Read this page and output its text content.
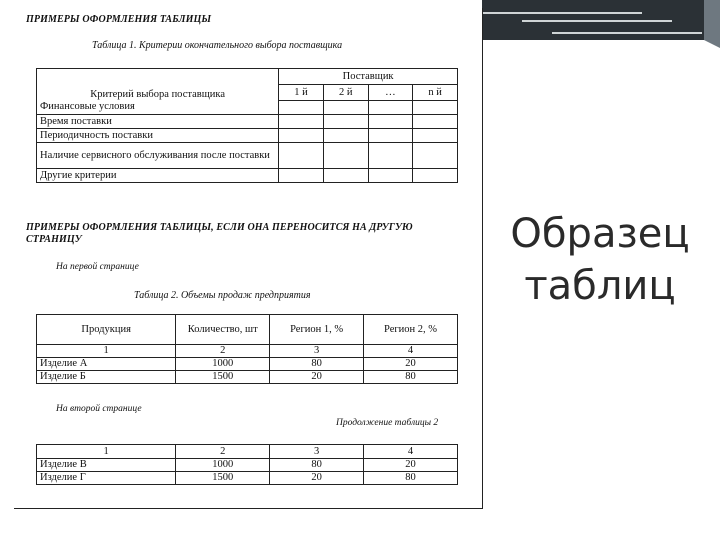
ПРИМЕРЫ ОФОРМЛЕНИЯ ТАБЛИЦЫ
Таблица 1. Критерии окончательного выбора поставщика
Критерий выбора поставщика	Поставщик			
	1 й	2 й	…	n й
Финансовые условия				
Время поставки				
Периодичность поставки				
Наличие сервисного обслуживания после поставки				
Другие критерии				
ПРИМЕРЫ ОФОРМЛЕНИЯ ТАБЛИЦЫ, ЕСЛИ ОНА ПЕРЕНОСИТСЯ НА ДРУГУЮ СТРАНИЦУ
На первой странице
Таблица 2. Объемы продаж предприятия
Продукция	Количество, шт	Регион 1, %	Регион 2, %
1	2	3	4
Изделие А	1000	80	20
Изделие Б	1500	20	80
На второй странице
Продолжение таблицы 2
1	2	3	4
Изделие В	1000	80	20
Изделие Г	1500	20	80
Образец
таблиц
